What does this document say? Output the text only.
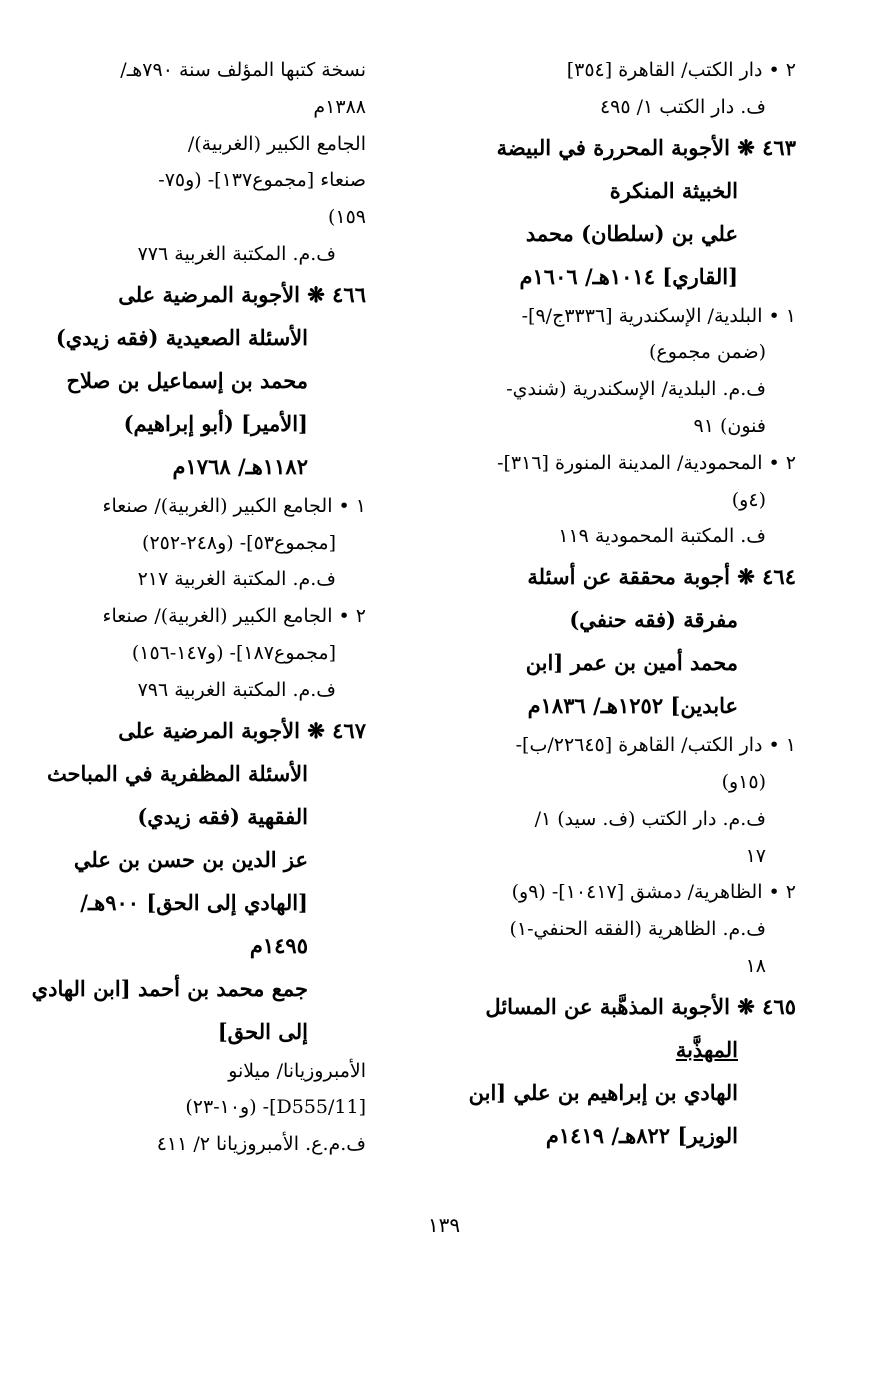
٢ • دار الكتب/ القاهرة [٣٥٤]
ف. دار الكتب ١/ ٤٩٥
٤٦٣ ❋ الأجوبة المحررة في البيضة
الخبيثة المنكرة
علي بن (سلطان) محمد
[القاري] ١٠١٤هـ/ ١٦٠٦م
١ • البلدية/ الإسكندرية [٣٣٣٦ج/٩]-
(ضمن مجموع)
ف.م. البلدية/ الإسكندرية (شندي-
فنون) ٩١
٢ • المحمودية/ المدينة المنورة [٣١٦]-
(٤و)
ف. المكتبة المحمودية ١١٩
٤٦٤ ❋ أجوبة محققة عن أسئلة
مفرقة (فقه حنفي)
محمد أمين بن عمر [ابن
عابدين] ١٢٥٢هـ/ ١٨٣٦م
١ • دار الكتب/ القاهرة [٢٢٦٤٥/ب]-
(١٥و)
ف.م. دار الكتب (ف. سيد) ١/
١٧
٢ • الظاهرية/ دمشق [١٠٤١٧]- (٩و)
ف.م. الظاهرية (الفقه الحنفي-١)
١٨
٤٦٥ ❋ الأجوبة المذهَّبة عن المسائل
المهذَّبة
الهادي بن إبراهيم بن علي [ابن
الوزير] ٨٢٢هـ/ ١٤١٩م
نسخة كتبها المؤلف سنة ٧٩٠هـ/
١٣٨٨م
الجامع الكبير (الغربية)/
صنعاء [مجموع١٣٧]- (و٧٥-
١٥٩)
ف.م. المكتبة الغربية ٧٧٦
٤٦٦ ❋ الأجوبة المرضية على
الأسئلة الصعيدية (فقه زيدي)
محمد بن إسماعيل بن صلاح
[الأمير] (أبو إبراهيم)
١١٨٢هـ/ ١٧٦٨م
١ • الجامع الكبير (الغربية)/ صنعاء
[مجموع٥٣]- (و٢٤٨-٢٥٢)
ف.م. المكتبة الغربية ٢١٧
٢ • الجامع الكبير (الغربية)/ صنعاء
[مجموع١٨٧]- (و١٤٧-١٥٦)
ف.م. المكتبة الغربية ٧٩٦
٤٦٧ ❋ الأجوبة المرضية على
الأسئلة المظفرية في المباحث
الفقهية (فقه زيدي)
عز الدين بن حسن بن علي
[الهادي إلى الحق] ٩٠٠هـ/
١٤٩٥م
جمع محمد بن أحمد [ابن الهادي
إلى الحق]
الأمبروزيانا/ ميلانو
[D555/11]- (و١٠-٢٣)
ف.م.ع. الأمبروزيانا ٢/ ٤١١
١٣٩
